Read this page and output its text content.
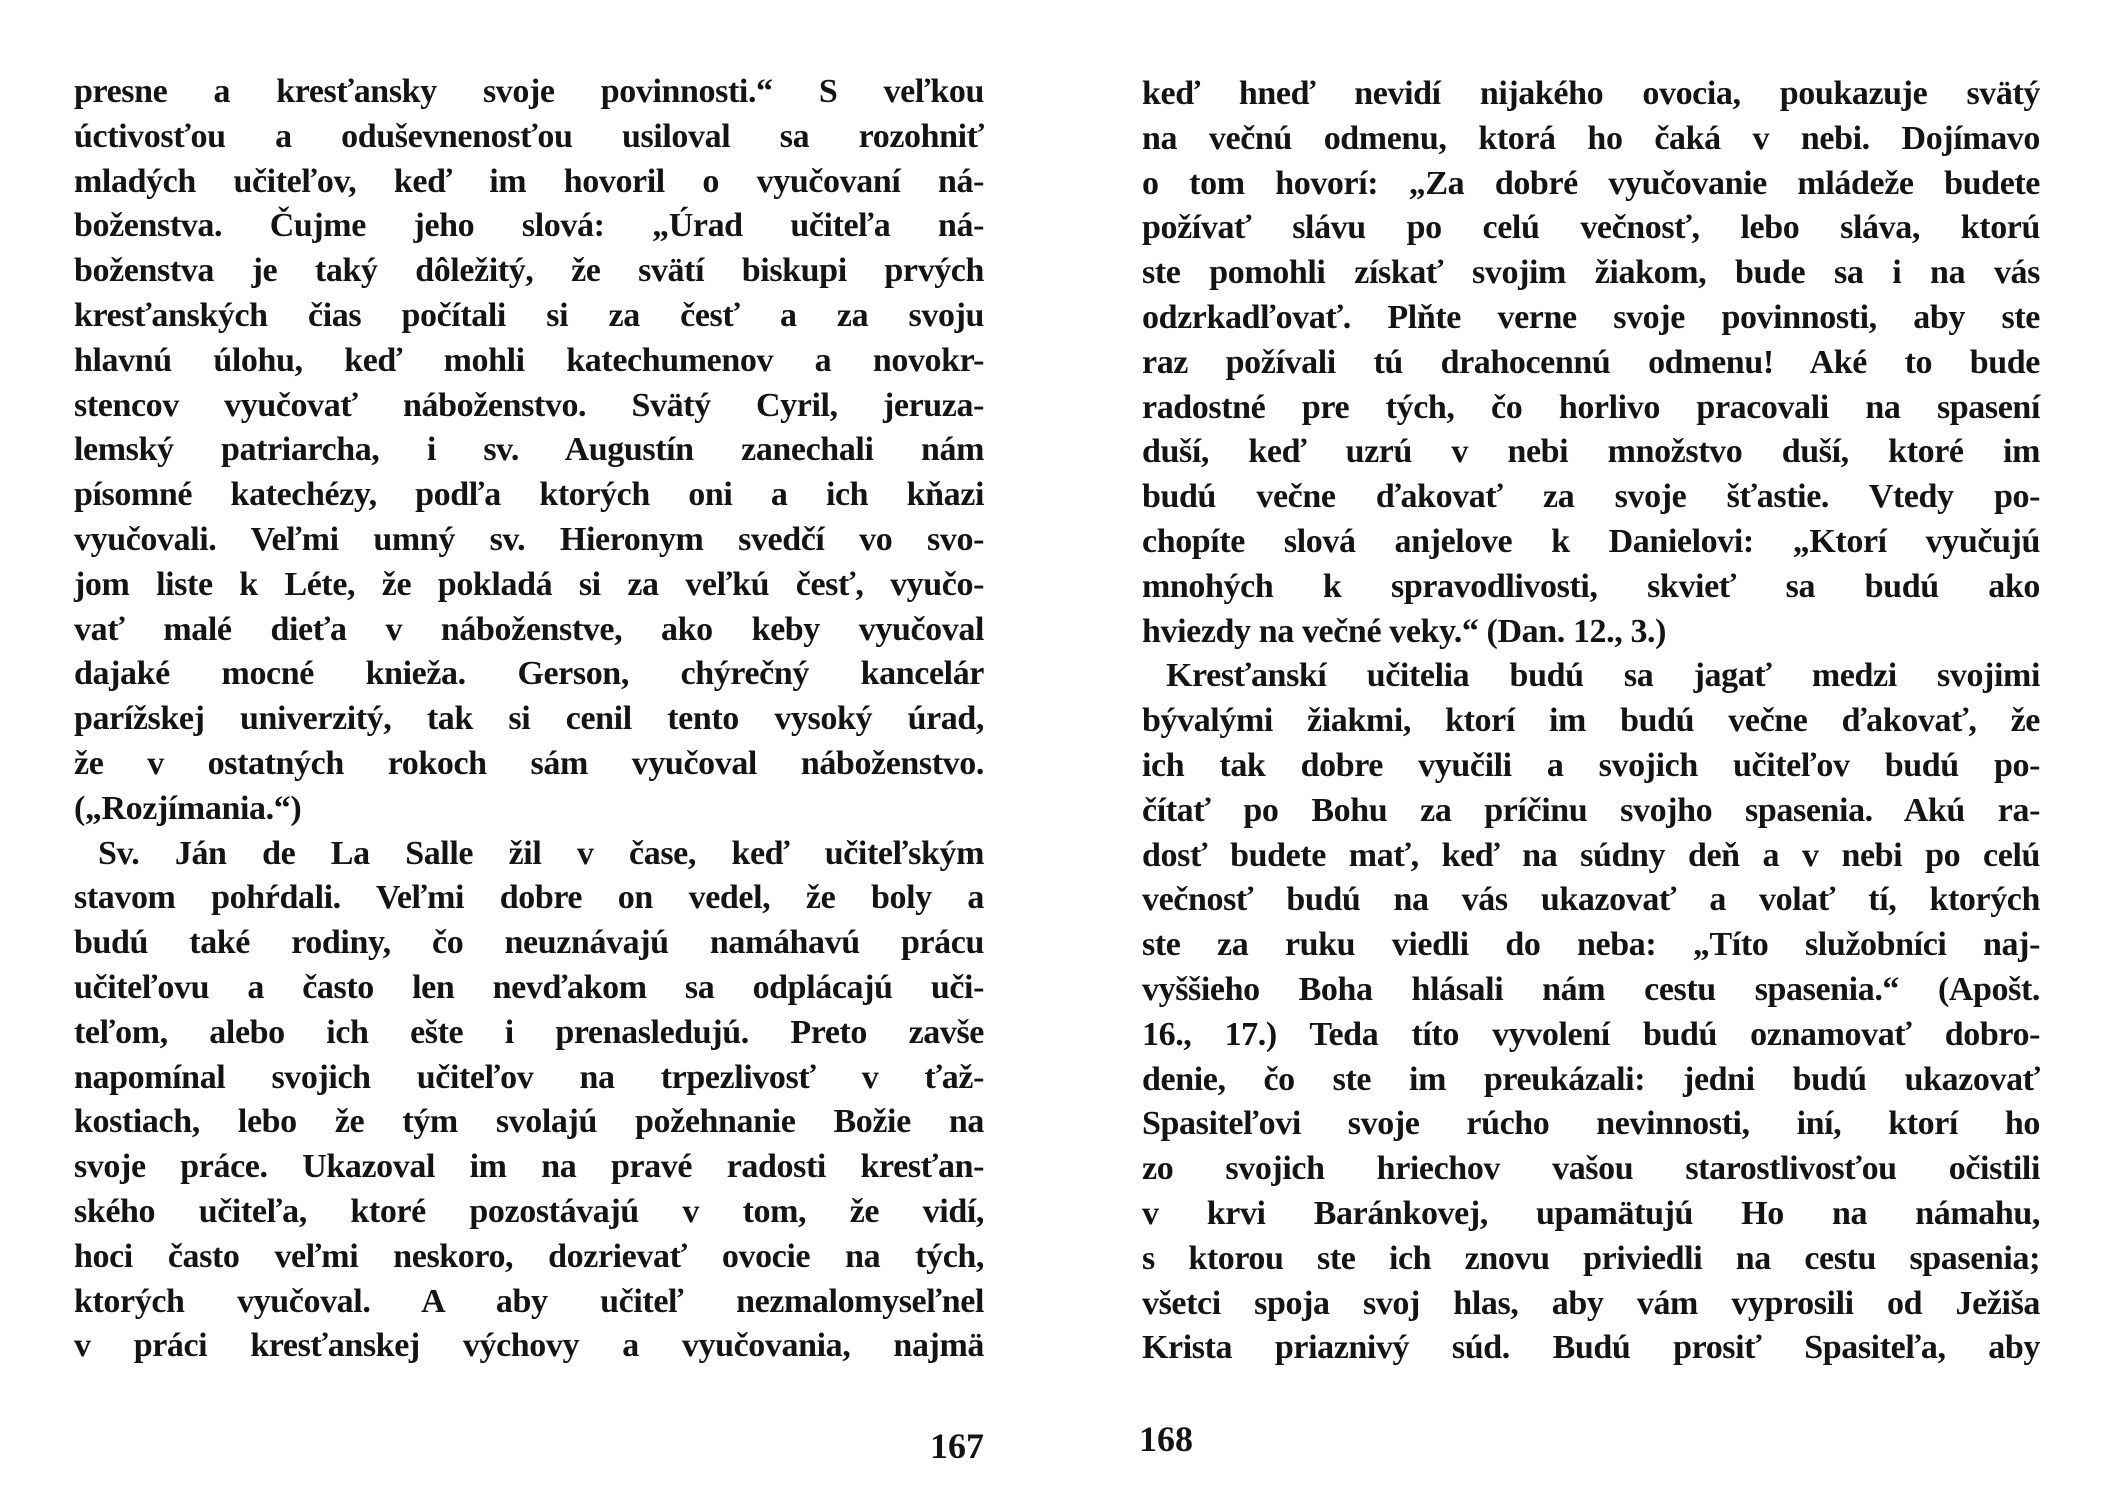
presne a kresťansky svoje povinnosti.“ S veľkou
úctivosťou a oduševnenosťou usiloval sa rozohniť
mladých učiteľov, keď im hovoril o vyučovaní ná-
boženstva. Čujme jeho slová: „Úrad učiteľa ná-
boženstva je taký dôležitý, že svätí biskupi prvých
kresťanských čias počítali si za česť a za svoju
hlavnú úlohu, keď mohli katechumenov a novokr-
stencov vyučovať náboženstvo. Svätý Cyril, jeruza-
lemský patriarcha, i sv. Augustín zanechali nám
písomné katechézy, podľa ktorých oni a ich kňazi
vyučovali. Veľmi umný sv. Hieronym svedčí vo svo-
jom liste k Léte, že pokladá si za veľkú česť, vyučo-
vať malé dieťa v náboženstve, ako keby vyučoval
dajaké mocné knieža. Gerson, chýrečný kancelár
parížskej univerzitý, tak si cenil tento vysoký úrad,
že v ostatných rokoch sám vyučoval náboženstvo.
(„Rozjímania.“)
Sv. Ján de La Salle žil v čase, keď učiteľským
stavom pohŕdali. Veľmi dobre on vedel, že boly a
budú také rodiny, čo neuznávajú namáhavú prácu
učiteľovu a často len nevďakom sa odplácajú uči-
teľom, alebo ich ešte i prenasledujú. Preto zavše
napomínal svojich učiteľov na trpezlivosť v ťaž-
kostiach, lebo že tým svolajú požehnanie Božie na
svoje práce. Ukazoval im na pravé radosti kresťan-
ského učiteľa, ktoré pozostávajú v tom, že vidí,
hoci často veľmi neskoro, dozrievať ovocie na tých,
ktorých vyučoval. A aby učiteľ nezmalomyseľnel
v práci kresťanskej výchovy a vyučovania, najmä
167
keď hneď nevidí nijakého ovocia, poukazuje svätý
na večnú odmenu, ktorá ho čaká v nebi. Dojímavo
o tom hovorí: „Za dobré vyučovanie mládeže budete
požívať slávu po celú večnosť, lebo sláva, ktorú
ste pomohli získať svojim žiakom, bude sa i na vás
odzrkadľovať. Plňte verne svoje povinnosti, aby ste
raz požívali tú drahocennú odmenu! Aké to bude
radostné pre tých, čo horlivo pracovali na spasení
duší, keď uzrú v nebi množstvo duší, ktoré im
budú večne ďakovať za svoje šťastie. Vtedy po-
chopíte slová anjelove k Danielovi: „Ktorí vyučujú
mnohých k spravodlivosti, skvieť sa budú ako
hviezdy na večné veky.“ (Dan. 12., 3.)
Kresťanskí učitelia budú sa jagať medzi svojimi
bývalými žiakmi, ktorí im budú večne ďakovať, že
ich tak dobre vyučili a svojich učiteľov budú po-
čítať po Bohu za príčinu svojho spasenia. Akú ra-
dosť budete mať, keď na súdny deň a v nebi po celú
večnosť budú na vás ukazovať a volať tí, ktorých
ste za ruku viedli do neba: „Títo služobníci naj-
vyššieho Boha hlásali nám cestu spasenia.“ (Apošt.
16., 17.) Teda títo vyvolení budú oznamovať dobro-
denie, čo ste im preukázali: jedni budú ukazovať
Spasiteľovi svoje rúcho nevinnosti, iní, ktorí ho
zo svojich hriechov vašou starostlivosťou očistili
v krvi Baránkovej, upamätujú Ho na námahu,
s ktorou ste ich znovu priviedli na cestu spasenia;
všetci spoja svoj hlas, aby vám vyprosili od Ježiša
Krista priaznivý súd. Budú prosiť Spasiteľa, aby
168
